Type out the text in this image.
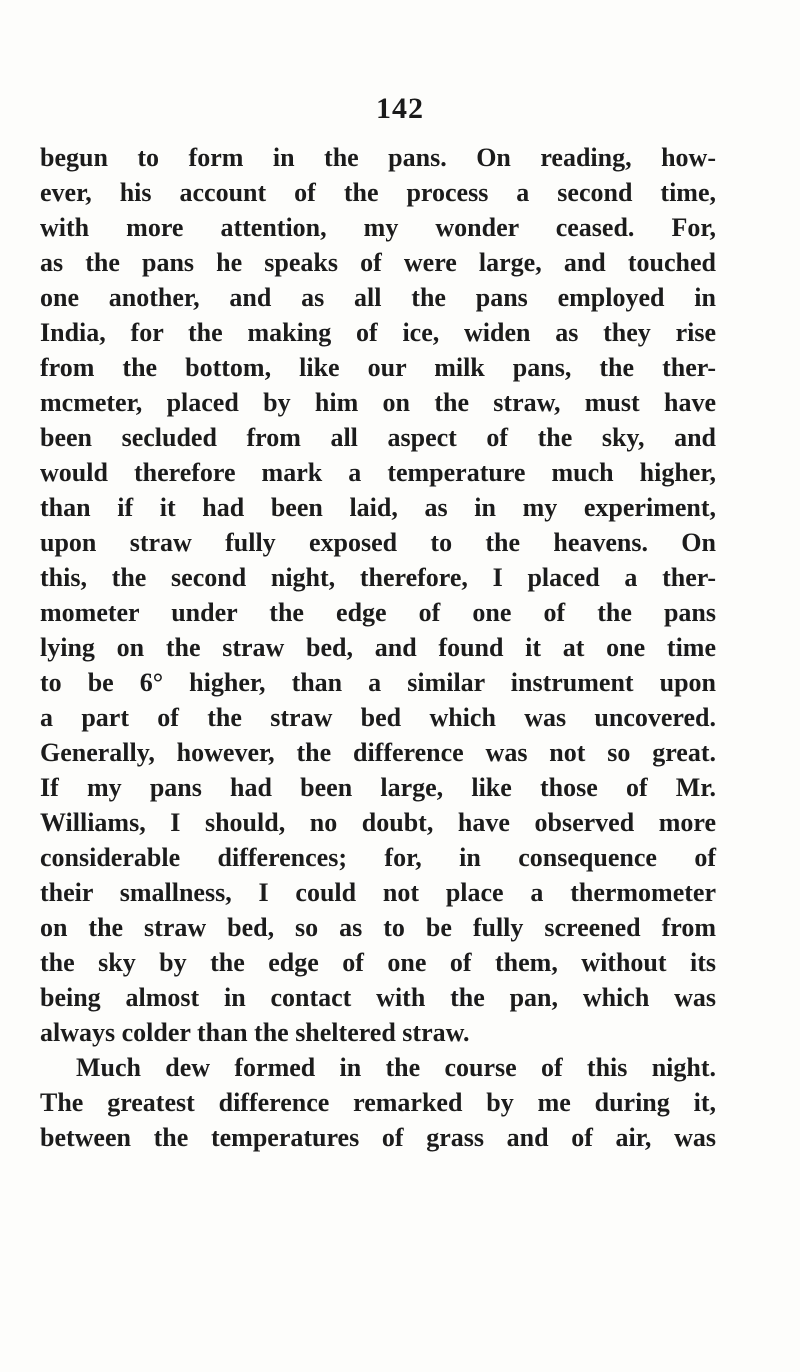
142
begun to form in the pans. On reading, how-
ever, his account of the process a second time,
with more attention, my wonder ceased. For,
as the pans he speaks of were large, and touched
one another, and as all the pans employed in
India, for the making of ice, widen as they rise
from the bottom, like our milk pans, the ther-
mcmeter, placed by him on the straw, must have
been secluded from all aspect of the sky, and
would therefore mark a temperature much higher,
than if it had been laid, as in my experiment,
upon straw fully exposed to the heavens. On
this, the second night, therefore, I placed a ther-
mometer under the edge of one of the pans
lying on the straw bed, and found it at one time
to be 6° higher, than a similar instrument upon
a part of the straw bed which was uncovered.
Generally, however, the difference was not so great.
If my pans had been large, like those of Mr.
Williams, I should, no doubt, have observed more
considerable differences; for, in consequence of
their smallness, I could not place a thermometer
on the straw bed, so as to be fully screened from
the sky by the edge of one of them, without its
being almost in contact with the pan, which was
always colder than the sheltered straw.
Much dew formed in the course of this night.
The greatest difference remarked by me during it,
between the temperatures of grass and of air, was
